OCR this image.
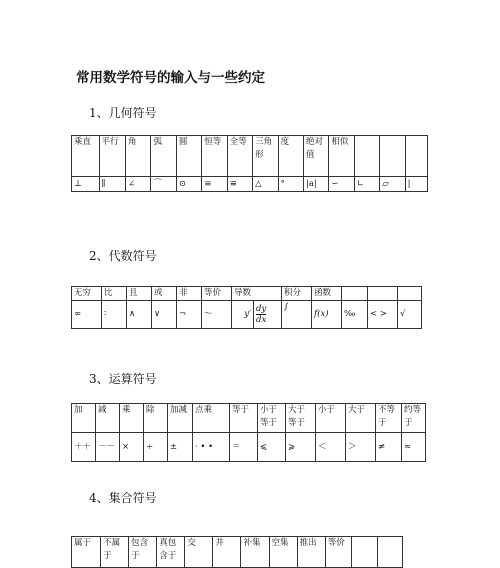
常用数学符号的输入与一些约定
1、几何符号
乘直	平行	角	弧	圆	恒等	全等	三角形	度	绝对值	相似			
⊥	∥	∠	⌒	⊙	≡	≌	△	°	|a|	∽	∟	▱	|
2、代数符号
无穷	比	且	或	非	等价	导数		积分	函数			
∞	∶	∧	∨	¬	～	y′	$\frac{dy}{dx}$	∫	f(x)	‰	< >	√
3、运算符号
加	减	乘	除	加减	点乘	等于	小于等于	大于等于	小于	大于	不等于	约等于
＋＋	－－	×	÷	±	· • •	＝	⩽	⩾	＜	＞	≠	≈
4、集合符号
属于	不属于	包含于	真包含于	交	并	补集	空集	推出	等价		
